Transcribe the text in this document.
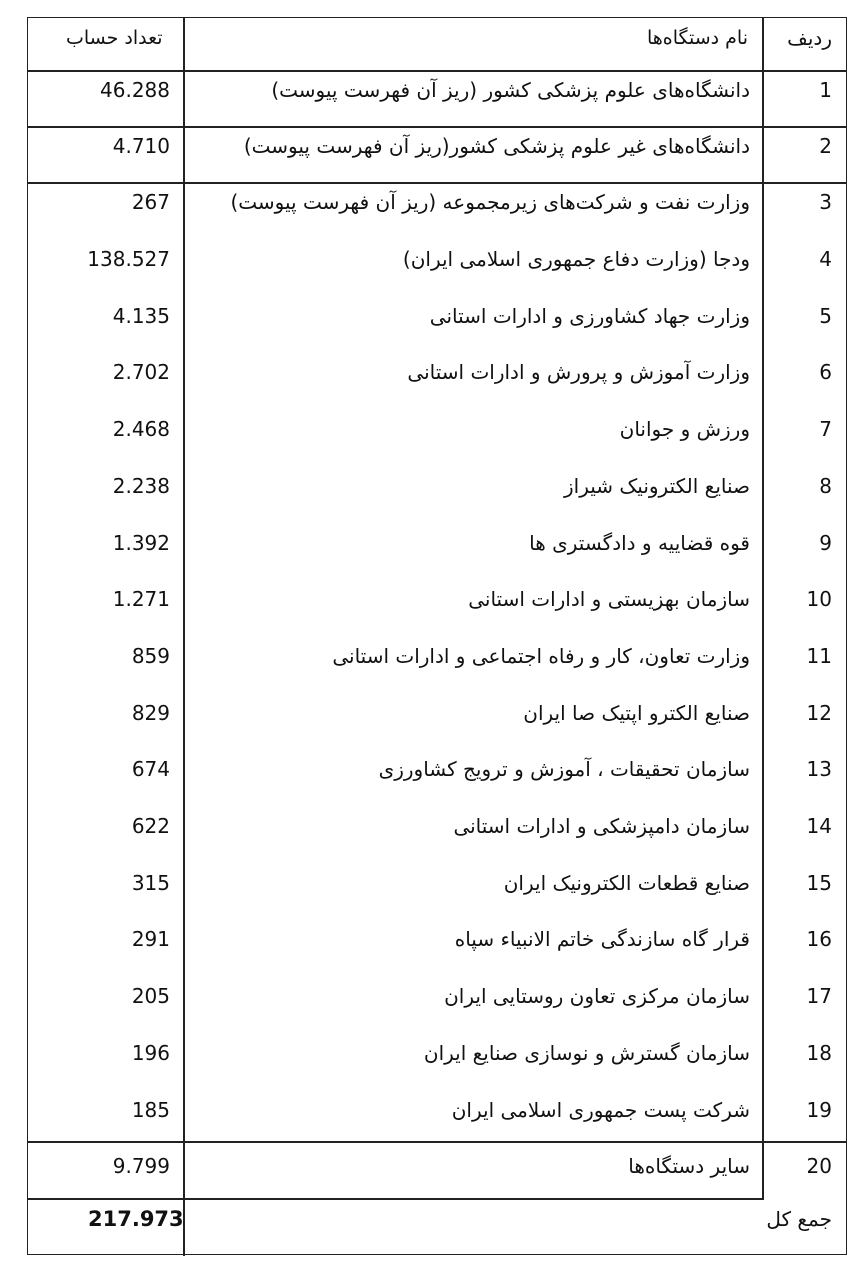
ردیف
نام دستگاه‌ها
تعداد حساب
1
دانشگاه‌های علوم پزشکی کشور (ریز آن فهرست پیوست)
46.288
2
دانشگاه‌های غیر علوم پزشکی کشور(ریز آن فهرست پیوست)
4.710
3
وزارت نفت و شرکت‌های زیرمجموعه (ریز آن فهرست پیوست)
267
4
ودجا (وزارت دفاع جمهوری اسلامی ایران)
138.527
5
وزارت جهاد کشاورزی و ادارات استانی
4.135
6
وزارت آموزش و پرورش و ادارات استانی
2.702
7
ورزش و جوانان
2.468
8
صنایع الکترونیک شیراز
2.238
9
قوه قضاییه و دادگستری ها
1.392
10
سازمان بهزیستی و ادارات استانی
1.271
11
وزارت تعاون، کار و رفاه اجتماعی و ادارات استانی
859
12
صنایع الکترو اپتیک صا ایران
829
13
سازمان تحقیقات ، آموزش و ترویج کشاورزی
674
14
سازمان دامپزشکی و ادارات استانی
622
15
صنایع قطعات الکترونیک ایران
315
16
قرار گاه سازندگی خاتم الانبیاء سپاه
291
17
سازمان مرکزی تعاون روستایی ایران
205
18
سازمان گسترش و نوسازی صنایع ایران
196
19
شرکت پست جمهوری اسلامی ایران
185
20
سایر دستگاه‌ها
9.799
جمع کل
217.973
